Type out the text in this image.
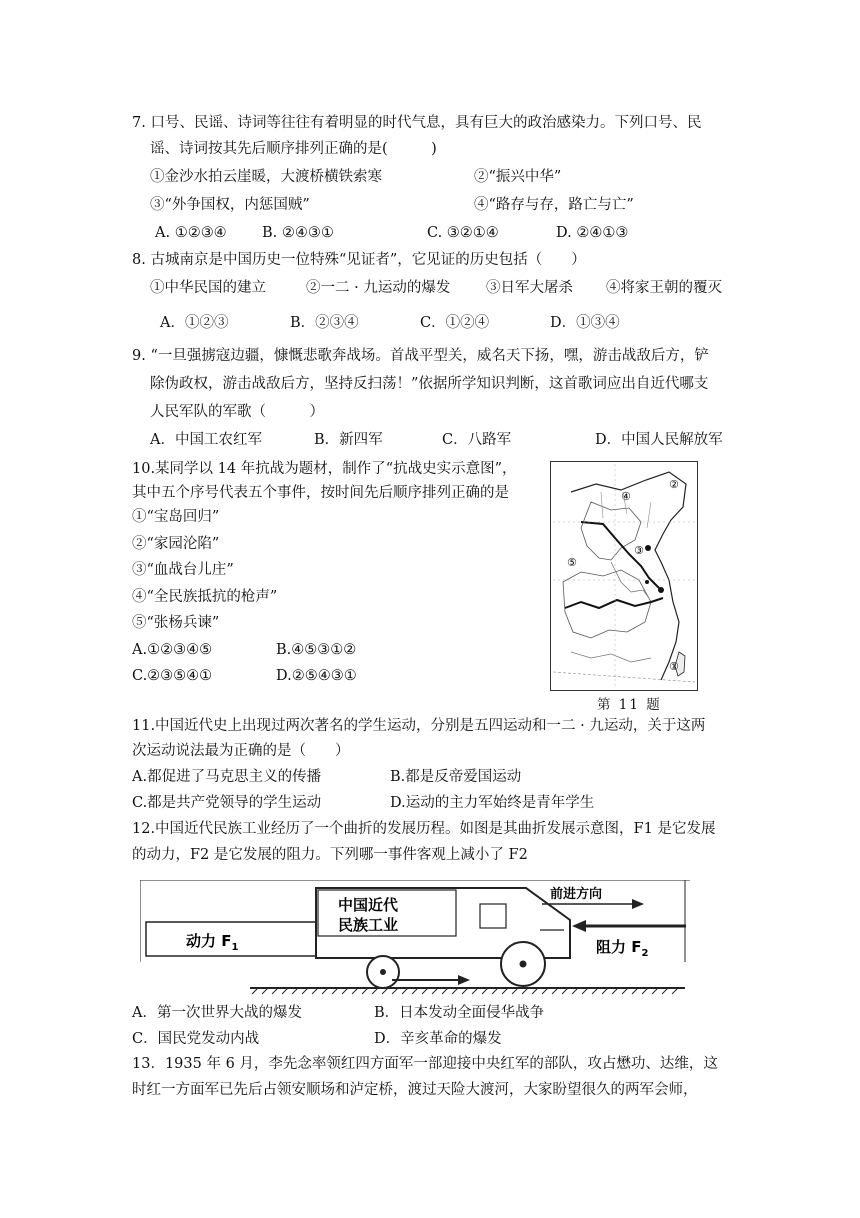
7. 口号、民谣、诗词等往往有着明显的时代气息，具有巨大的政治感染力。下列口号、民
谣、诗词按其先后顺序排列正确的是(　　　)
①金沙水拍云崖暖，大渡桥横铁索寒	②“振兴中华”
③“外争国权，内惩国贼”	④“路存与存，路亡与亡”
A. ①②③④ B. ②④③①	C. ③②①④	D. ②④①③
8. 古城南京是中国历史一位特殊“见证者”，它见证的历史包括（　　）
①中华民国的建立	②一二 · 九运动的爆发 ③日军大屠杀 ④将家王朝的覆灭
A．①②③	B．②③④	C．①②④	D．①③④
9. “一旦强掳寇边疆，慷慨悲歌奔战场。首战平型关，威名天下扬，嘿，游击战敌后方，铲
除伪政权，游击战敌后方，坚持反扫荡！”依据所学知识判断，这首歌词应出自近代哪支
人民军队的军歌（　　　）
A．中国工农红军	B．新四军	C．八路军	D．中国人民解放军
10.某同学以 14 年抗战为题材，制作了“抗战史实示意图”，
其中五个序号代表五个事件，按时间先后顺序排列正确的是
①“宝岛回归”
②“家园沦陷”
③“血战台儿庄”
④“全民族抵抗的枪声”
⑤“张杨兵谏”
A.①②③④⑤	B.④⑤③①②
C.②③⑤④①	D.②⑤④③①
④
②
③
⑤
①
第 11 题
11.中国近代史上出现过两次著名的学生运动，分别是五四运动和一二 · 九运动，关于这两
次运动说法最为正确的是（　　）
A.都促进了马克思主义的传播	B.都是反帝爱国运动
C.都是共产党领导的学生运动	D.运动的主力军始终是青年学生
12.中国近代民族工业经历了一个曲折的发展历程。如图是其曲折发展示意图，F1 是它发展
的动力，F2 是它发展的阻力。下列哪一事件客观上减小了 F2
中国近代
民族工业
动力 $F_1$	阻力 $F_2$
前进方向
A．第一次世界大战的爆发	B．日本发动全面侵华战争
C．国民党发动内战	D．辛亥革命的爆发
13．1935 年 6 月，李先念率领红四方面军一部迎接中央红军的部队，攻占懋功、达维，这
时红一方面军已先后占领安顺场和泸定桥，渡过天险大渡河，大家盼望很久的两军会师，
